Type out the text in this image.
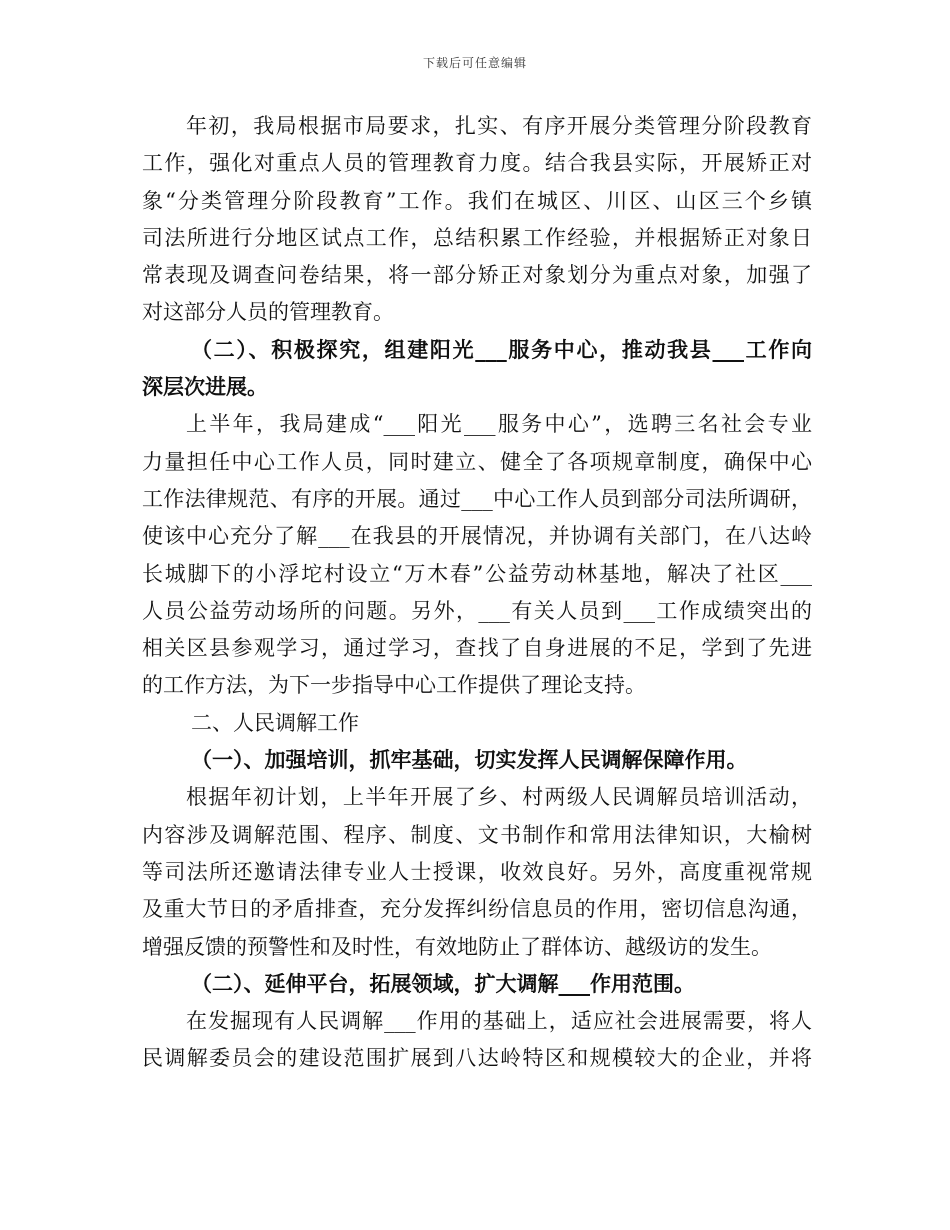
下载后可任意编辑
年初，我局根据市局要求，扎实、有序开展分类管理分阶段教育
工作，强化对重点人员的管理教育力度。结合我县实际，开展矫正对
象“分类管理分阶段教育”工作。我们在城区、川区、山区三个乡镇
司法所进行分地区试点工作，总结积累工作经验，并根据矫正对象日
常表现及调查问卷结果，将一部分矫正对象划分为重点对象，加强了
对这部分人员的管理教育。
（二）、积极探究，组建阳光___服务中心，推动我县___工作向
深层次进展。
上半年，我局建成“___阳光___服务中心”，选聘三名社会专业
力量担任中心工作人员，同时建立、健全了各项规章制度，确保中心
工作法律规范、有序的开展。通过___中心工作人员到部分司法所调研，
使该中心充分了解___在我县的开展情况，并协调有关部门，在八达岭
长城脚下的小浮坨村设立“万木春”公益劳动林基地，解决了社区___
人员公益劳动场所的问题。另外，___有关人员到___工作成绩突出的
相关区县参观学习，通过学习，查找了自身进展的不足，学到了先进
的工作方法，为下一步指导中心工作提供了理论支持。
二、人民调解工作
（一）、加强培训，抓牢基础，切实发挥人民调解保障作用。
根据年初计划，上半年开展了乡、村两级人民调解员培训活动，
内容涉及调解范围、程序、制度、文书制作和常用法律知识，大榆树
等司法所还邀请法律专业人士授课，收效良好。另外，高度重视常规
及重大节日的矛盾排查，充分发挥纠纷信息员的作用，密切信息沟通，
增强反馈的预警性和及时性，有效地防止了群体访、越级访的发生。
（二）、延伸平台，拓展领域，扩大调解___作用范围。
在发掘现有人民调解___作用的基础上，适应社会进展需要，将人
民调解委员会的建设范围扩展到八达岭特区和规模较大的企业，并将
